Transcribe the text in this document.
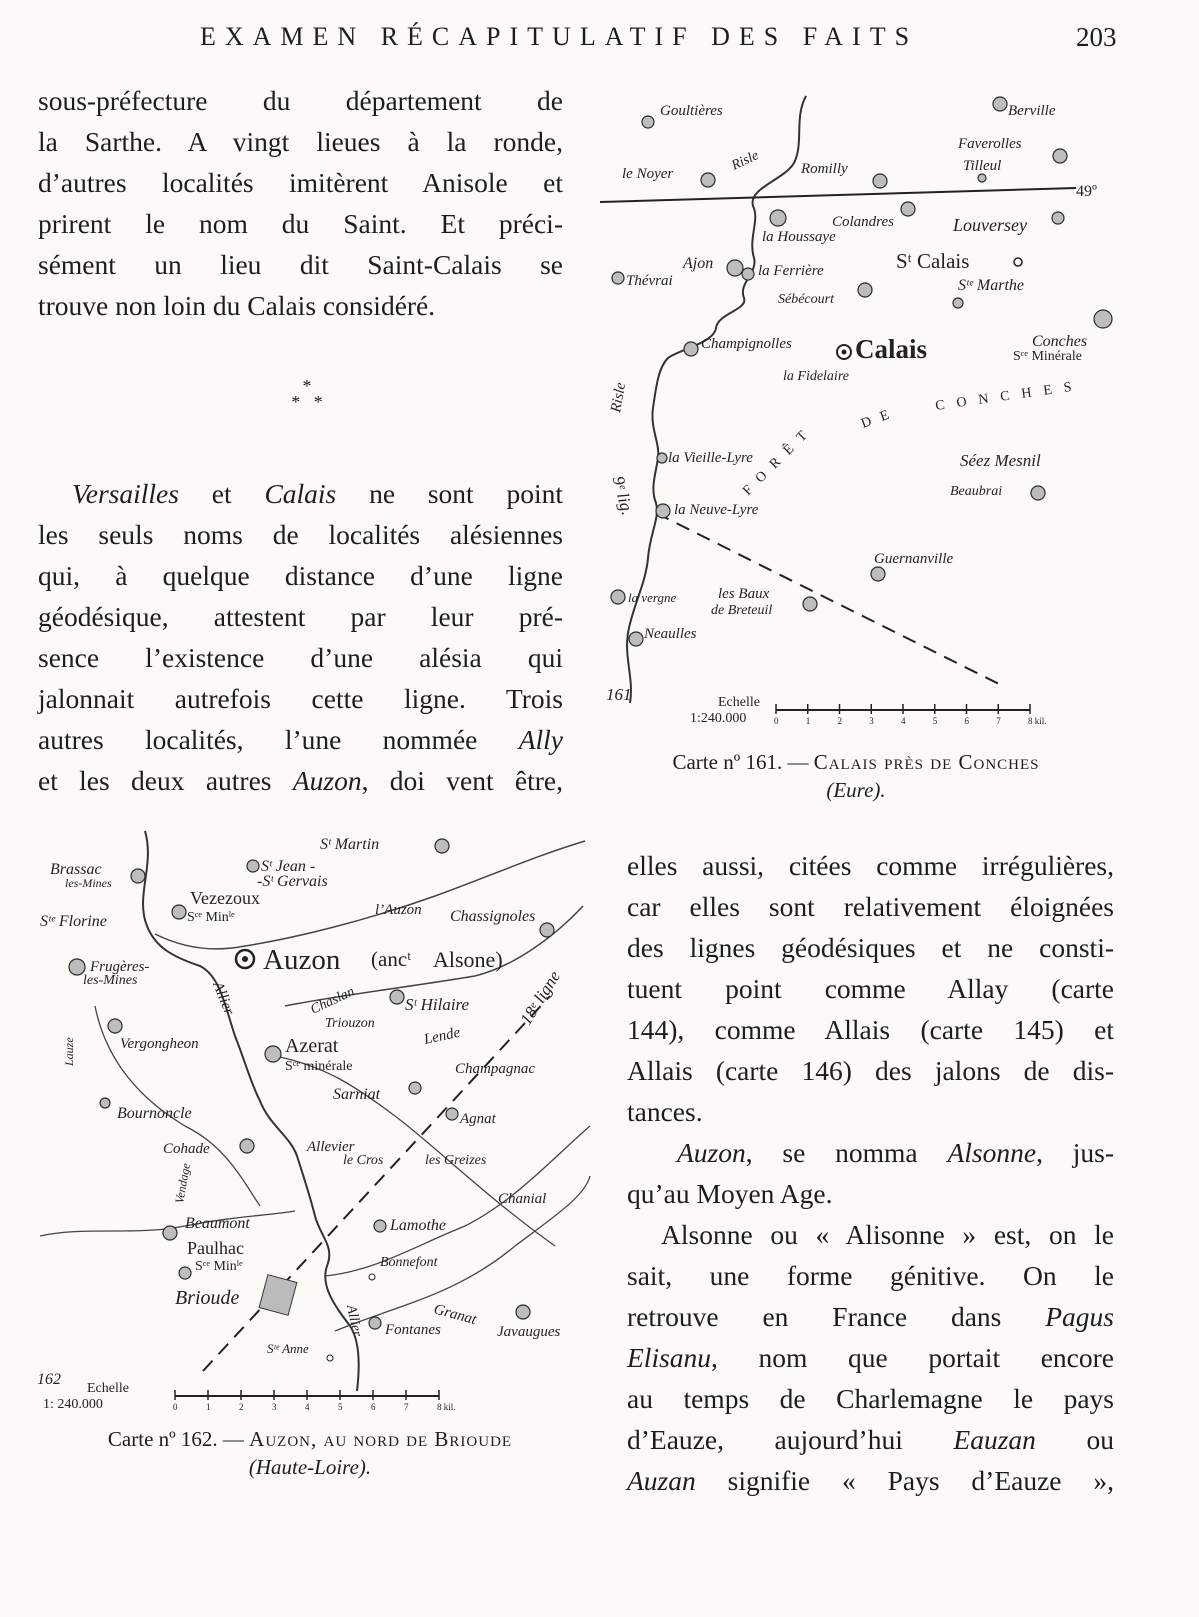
EXAMEN RÉCAPITULATIF DES FAITS	203
sous-préfecture du département de
la Sarthe. A vingt lieues à la ronde,
d’autres localités imitèrent Anisole et
prirent le nom du Saint. Et préci-
sément un lieu dit Saint-Calais se
trouve non loin du Calais considéré.
*
*   *
Versailles et Calais ne sont point
les seuls noms de localités alésiennes
qui, à quelque distance d’une ligne
géodésique, attestent par leur pré-
sence l’existence d’une alésia qui
jalonnait autrefois cette ligne. Trois
autres localités, l’une nommée Ally
et les deux autres Auzon, doi vent être,
Goultières	Berville
Faverolles
Tilleul
le Noyer
Risle	Romilly
49º
Colandres
la Houssaye
Louversey
Ajon
Thévrai
la Ferrière	Sᵗ Calais
Sᵗᵉ Marthe
Sébécourt
Champignolles Calais	Conches
Sᶜᵉ Minérale
la Fidelaire
Risle
FORÊT
DE
CONCHES
la Vieille-Lyre	Séez Mesnil
Beaubrai
9ᵉ lig. la Neuve-Lyre
Guernanville
la vergne	les Baux
de Breteuil
Neaulles
161	Echelle
1:240.000	0	1	2	3	4	5	6	7	8 kil.
Carte nº 161. — Calais près de Conches
(Eure).
Sᵗ Martin
Brassac
les-Mines
Sᵗ Jean -
-Sᵗ Gervais
Vezezoux
Sᵗᵉ Florine	Sᶜᵉ Minˡᵉ	l’Auzon Chassignoles
Frugères-
les-Mines
Auzon (ancᵗ Alsone)
Allier	Chaslan	Sᵗ Hilaire	18ᵉ ligne
Vergongheon
Triouzon
Lende
Lauze	Azerat
Sᶜᵉ minérale	Champagnac
Sarniat
Bournoncle	Agnat
Cohade	Allevier
le Cros	les Greizes
Vendage	Chanial
Beaumont	Lamothe
Paulhac
Sᶜᵉ Minˡᵉ	Bonnefont
Brioude
Granat
Allier Fontanes	Javaugues
Sᵗᵉ Anne
162
Echelle
1: 240.000	0	1	2	3	4	5	6	7	8 kil.
Carte nº 162. — Auzon, au nord de Brioude
(Haute-Loire).
elles aussi, citées comme irrégulières,
car elles sont relativement éloignées
des lignes géodésiques et ne consti-
tuent point comme Allay (carte
144), comme Allais (carte 145) et
Allais (carte 146) des jalons de dis-
tances.
Auzon, se nomma Alsonne, jus-
qu’au Moyen Age.
Alsonne ou « Alisonne » est, on le
sait, une forme génitive. On le
retrouve en France dans Pagus
Elisanu, nom que portait encore
au temps de Charlemagne le pays
d’Eauze, aujourd’hui Eauzan ou
Auzan signifie « Pays d’Eauze »,
